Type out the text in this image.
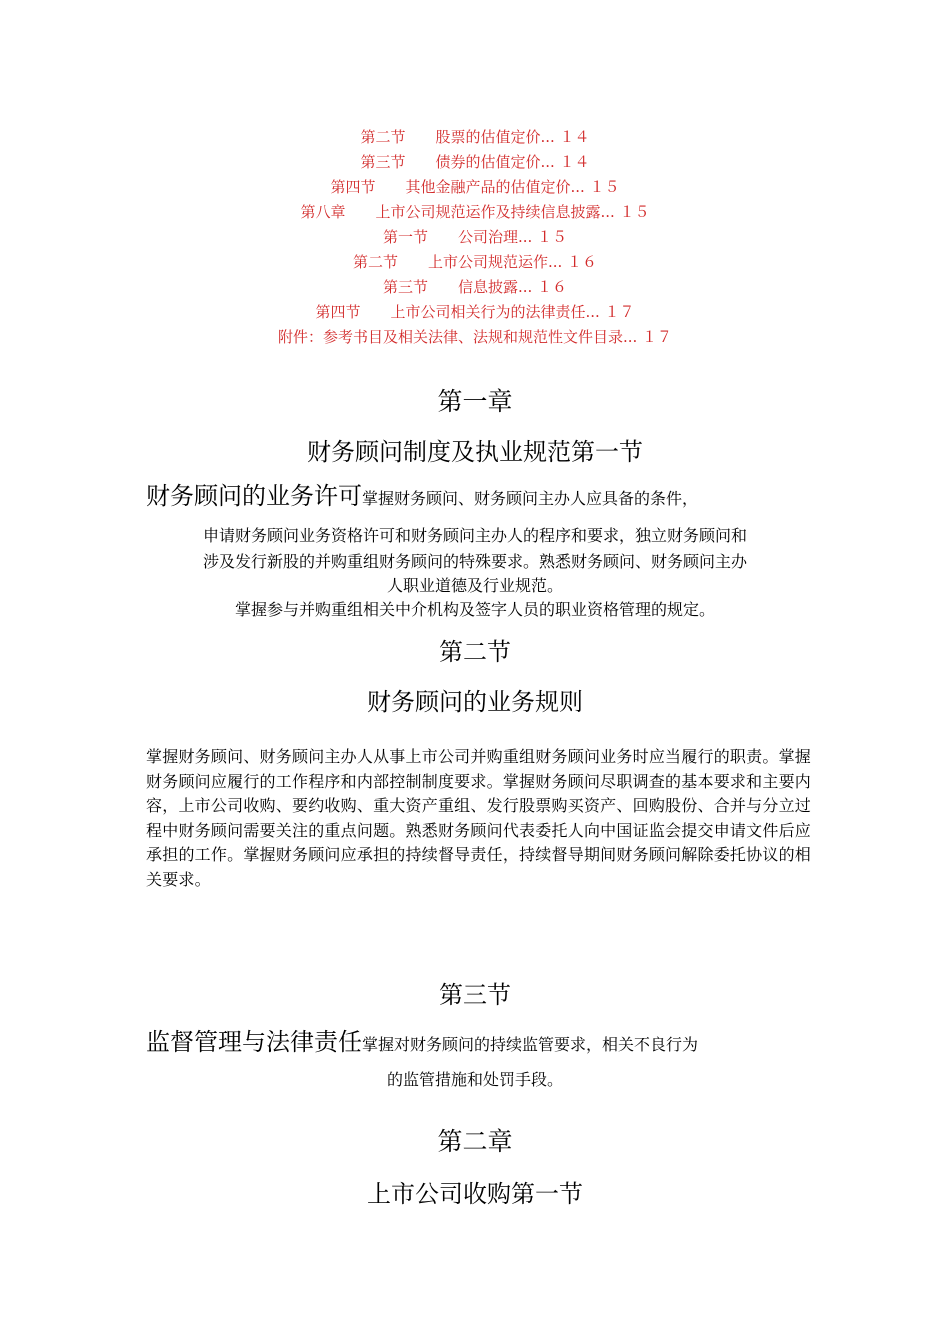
第二节 股票的估值定价... １４
第三节 债券的估值定价... １４
第四节 其他金融产品的估值定价... １５
第八章 上市公司规范运作及持续信息披露... １５
第一节 公司治理... １５
第二节 上市公司规范运作... １６
第三节 信息披露... １６
第四节 上市公司相关行为的法律责任... １７
附件：参考书目及相关法律、法规和规范性文件目录... １７
第一章
财务顾问制度及执业规范第一节
财务顾问的业务许可掌握财务顾问、财务顾问主办人应具备的条件，
申请财务顾问业务资格许可和财务顾问主办人的程序和要求，独立财务顾问和
涉及发行新股的并购重组财务顾问的特殊要求。熟悉财务顾问、财务顾问主办
人职业道德及行业规范。
掌握参与并购重组相关中介机构及签字人员的职业资格管理的规定。
第二节
财务顾问的业务规则
掌握财务顾问、财务顾问主办人从事上市公司并购重组财务顾问业务时应当履行的职责。掌握财务顾问应履行的工作程序和内部控制制度要求。掌握财务顾问尽职调查的基本要求和主要内容，上市公司收购、要约收购、重大资产重组、发行股票购买资产、回购股份、合并与分立过程中财务顾问需要关注的重点问题。熟悉财务顾问代表委托人向中国证监会提交申请文件后应承担的工作。掌握财务顾问应承担的持续督导责任，持续督导期间财务顾问解除委托协议的相关要求。
第三节
监督管理与法律责任掌握对财务顾问的持续监管要求，相关不良行为
的监管措施和处罚手段。
第二章
上市公司收购第一节
